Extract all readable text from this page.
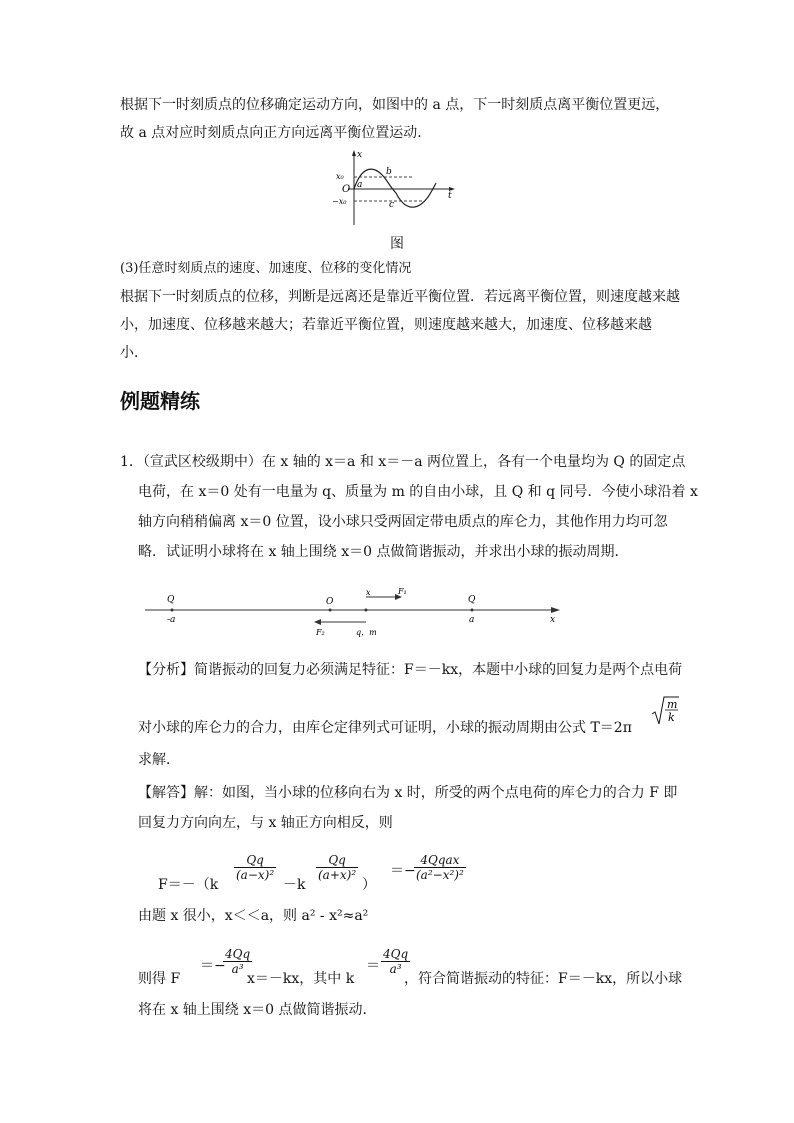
根据下一时刻质点的位移确定运动方向，如图中的 a 点，下一时刻质点离平衡位置更远，
故 a 点对应时刻质点向正方向远离平衡位置运动．
x
t
O
x₀
−x₀
a
b
c
图
(3)任意时刻质点的速度、加速度、位移的变化情况
根据下一时刻质点的位移，判断是远离还是靠近平衡位置．若远离平衡位置，则速度越来越
小，加速度、位移越来越大；若靠近平衡位置，则速度越来越大，加速度、位移越来越
小．
例题精练
1．（宣武区校级期中）在 x 轴的 x＝a 和 x＝－a 两位置上，各有一个电量均为 Q 的固定点
电荷，在 x＝0 处有一电量为 q、质量为 m 的自由小球，且 Q 和 q 同号．今使小球沿着 x
轴方向稍稍偏离 x＝0 位置，设小球只受两固定带电质点的库仑力，其他作用力均可忽
略．试证明小球将在 x 轴上围绕 x＝0 点做简谐振动，并求出小球的振动周期．
Q
-a
O
x	F₁
Q
a	x
F₂	q，m
【分析】简谐振动的回复力必须满足特征：F＝－kx，本题中小球的回复力是两个点电荷
对小球的库仑力的合力，由库仑定律列式可证明，小球的振动周期由公式 T＝2π
m
k
求解．
【解答】解：如图，当小球的位移向右为 x 时，所受的两个点电荷的库仑力的合力 F 即
回复力方向向左，与 x 轴正方向相反，则
F＝－（k
$\frac{Qq}{\text{(a−x)²}}$
－k
$\frac{Qq}{\text{(a+x)²}}$
）
＝−
4Qqax
(a²−x²)²
由题 x 很小，x＜＜a，则 a² - x²≈a²
则得 F
＝−
$\frac{4Qq}{\text{a³}}$
x＝－kx，其中 k
＝ $\frac{4Qq}{\text{a³}}$
，符合简谐振动的特征：F＝－kx，所以小球
将在 x 轴上围绕 x＝0 点做简谐振动．
